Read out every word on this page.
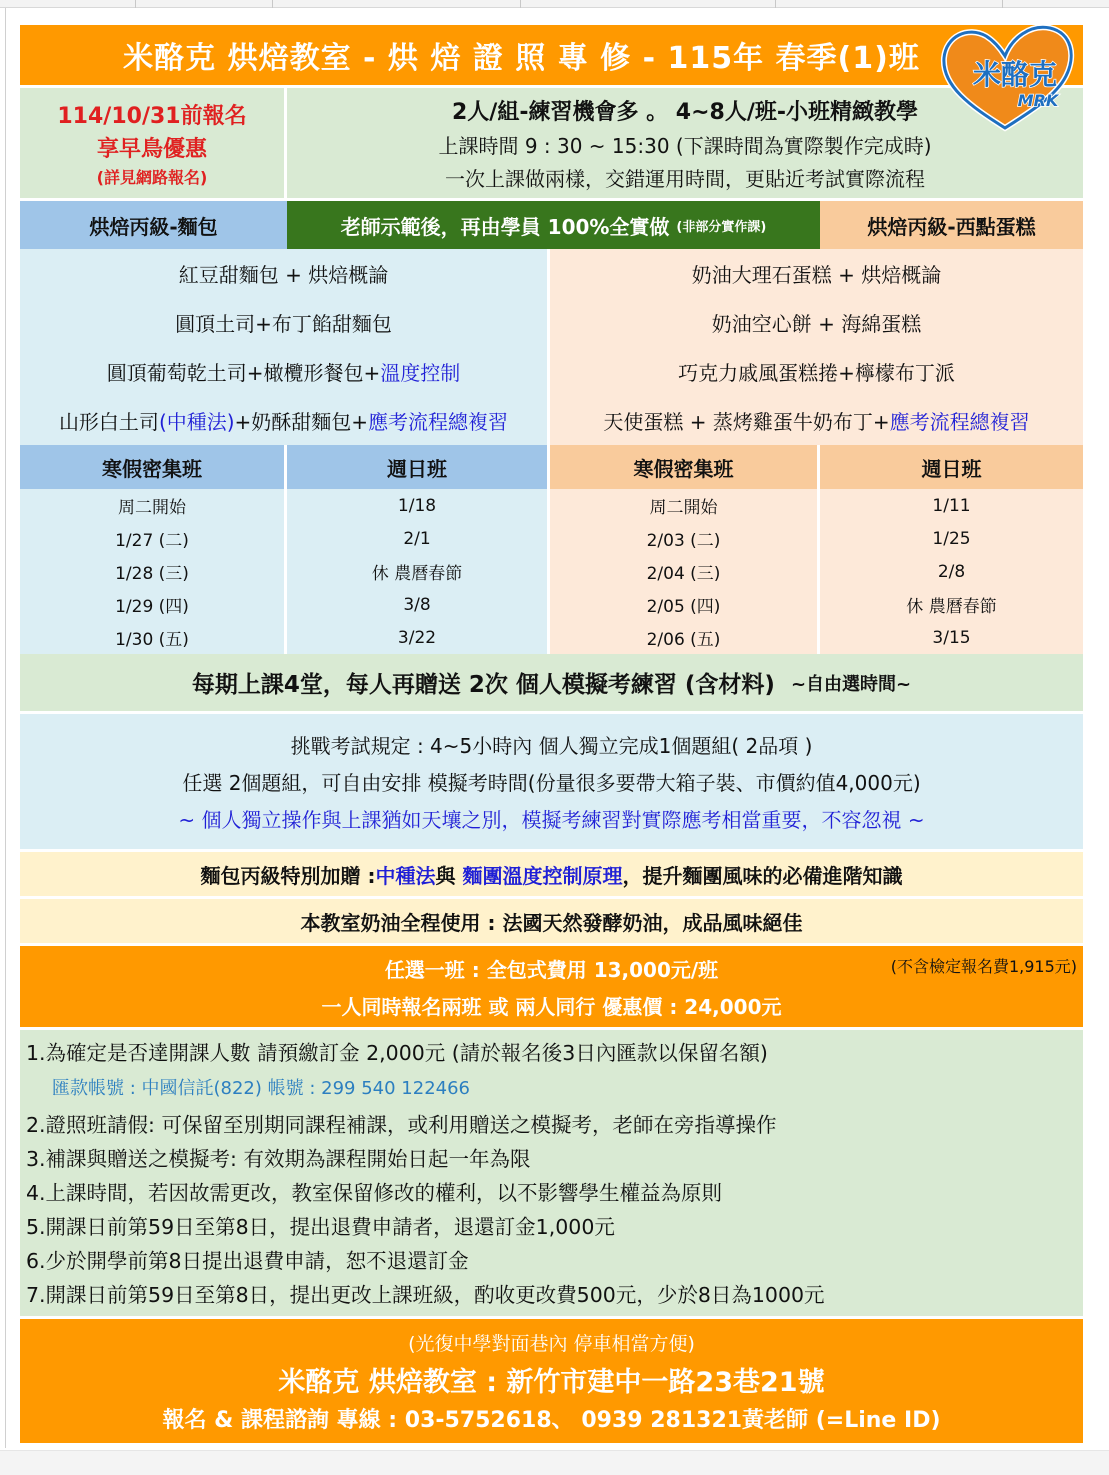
米酪克 烘焙教室 - 烘 焙 證 照 專 修 - 115年 春季(1)班
114/10/31前報名
享早鳥優惠
(詳見網路報名)
2人/組-練習機會多 。 4~8人/班-小班精緻教學
上課時間 9 : 30 ~ 15:30 (下課時間為實際製作完成時)
一次上課做兩樣，交錯運用時間，更貼近考試實際流程
烘焙丙級-麵包	老師示範後，再由學員 100%全實做
(非部分實作課)	烘焙丙級-西點蛋糕
紅豆甜麵包 + 烘焙概論
圓頂土司+布丁餡甜麵包
圓頂葡萄乾土司+橄欖形餐包+ 溫度控制
山形白土司 (中種法) +奶酥甜麵包+ 應考流程總複習
奶油大理石蛋糕 + 烘焙概論
奶油空心餅 + 海綿蛋糕
巧克力戚風蛋糕捲+檸檬布丁派
天使蛋糕 + 蒸烤雞蛋牛奶布丁+ 應考流程總複習
寒假密集班
周二開始
1/27 (二)
1/28 (三)
1/29 (四)
1/30 (五)
週日班
1/18
2/1
休 農曆春節
3/8
3/22
寒假密集班
周二開始
2/03 (二)
2/04 (三)
2/05 (四)
2/06 (五)
週日班
1/11
1/25
2/8
休 農曆春節
3/15
每期上課4堂，每人再贈送 2次 個人模擬考練習 (含材料)
~自由選時間~
挑戰考試規定 : 4~5小時內 個人獨立完成1個題組( 2品項 )
任選 2個題組，可自由安排 模擬考時間(份量很多要帶大箱子裝、市價約值4,000元)
~ 個人獨立操作與上課猶如天壤之別，模擬考練習對實際應考相當重要，不容忽視 ~
麵包丙級特別加贈 : 中種法 與
麵團溫度控制原理 ，提升麵團風味的必備進階知識
本教室奶油全程使用 : 法國天然發酵奶油，成品風味絕佳
任選一班 : 全包式費用 13,000元/班
一人同時報名兩班 或 兩人同行 優惠價 : 24,000元
(不含檢定報名費1,915元)
1.為確定是否達開課人數 請預繳訂金 2,000元 (請於報名後3日內匯款以保留名額)
匯款帳號 : 中國信託(822) 帳號 : 299 540 122466
2.證照班請假: 可保留至別期同課程補課，或利用贈送之模擬考，老師在旁指導操作
3.補課與贈送之模擬考: 有效期為課程開始日起一年為限
4.上課時間，若因故需更改，教室保留修改的權利，以不影響學生權益為原則
5.開課日前第59日至第8日，提出退費申請者，退還訂金1,000元
6.少於開學前第8日提出退費申請，恕不退還訂金
7.開課日前第59日至第8日，提出更改上課班級，酌收更改費500元，少於8日為1000元
(光復中學對面巷內 停車相當方便)
米酪克 烘焙教室 : 新竹市建中一路23巷21號
報名 & 課程諮詢 專線 : 03-5752618、 0939 281321黃老師 (=Line ID)
米酪克
MRK
